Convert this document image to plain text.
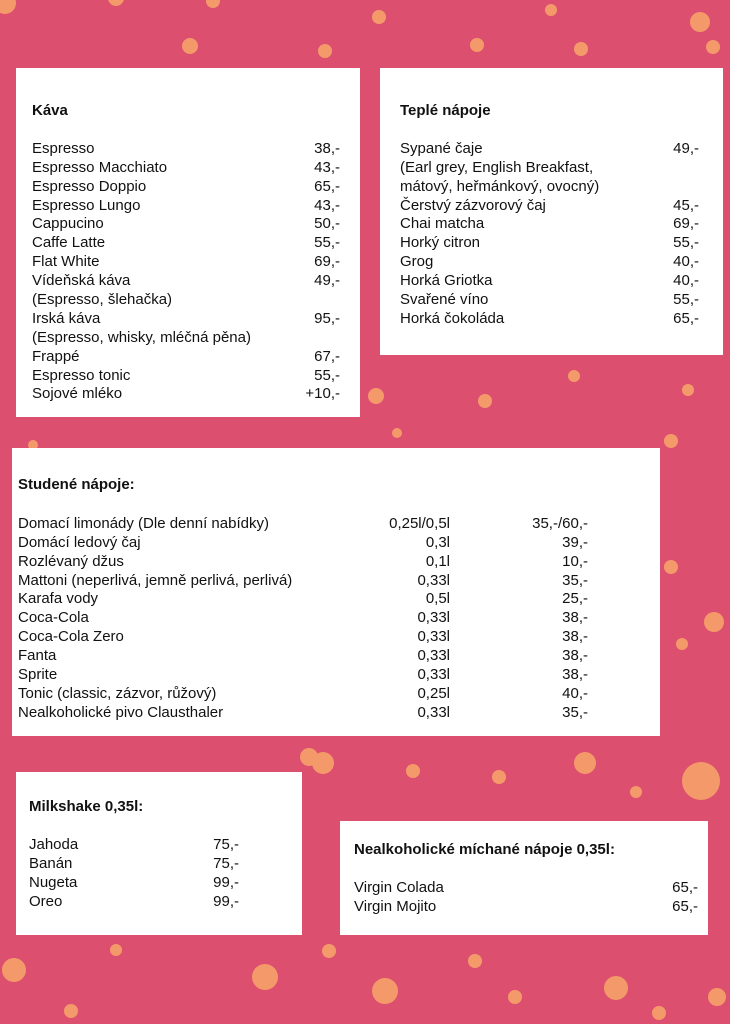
Káva
Espresso	38,-
Espresso Macchiato	43,-
Espresso Doppio	65,-
Espresso Lungo	43,-
Cappucino	50,-
Caffe Latte	55,-
Flat White	69,-
Vídeňská káva	49,-
(Espresso, šlehačka)
Irská káva	95,-
(Espresso, whisky, mléčná pěna)
Frappé	67,-
Espresso tonic	55,-
Sojové mléko	+10,-
Teplé nápoje
Sypané čaje	49,-
(Earl grey, English Breakfast,
mátový, heřmánkový, ovocný)
Čerstvý zázvorový čaj	45,-
Chai matcha	69,-
Horký citron	55,-
Grog	40,-
Horká Griotka	40,-
Svařené víno	55,-
Horká čokoláda	65,-
Studené nápoje:
Domací limonády (Dle denní nabídky)	0,25l/0,5l	35,-/60,-
Domácí ledový čaj	0,3l	39,-
Rozlévaný džus	0,1l	10,-
Mattoni (neperlivá, jemně perlivá, perlivá)	0,33l	35,-
Karafa vody	0,5l	25,-
Coca-Cola	0,33l	38,-
Coca-Cola Zero	0,33l	38,-
Fanta	0,33l	38,-
Sprite	0,33l	38,-
Tonic (classic, zázvor, růžový)	0,25l	40,-
Nealkoholické pivo Clausthaler	0,33l	35,-
Milkshake 0,35l:
Jahoda	75,-
Banán	75,-
Nugeta	99,-
Oreo	99,-
Nealkoholické míchané nápoje 0,35l:
Virgin Colada	65,-
Virgin Mojito	65,-
